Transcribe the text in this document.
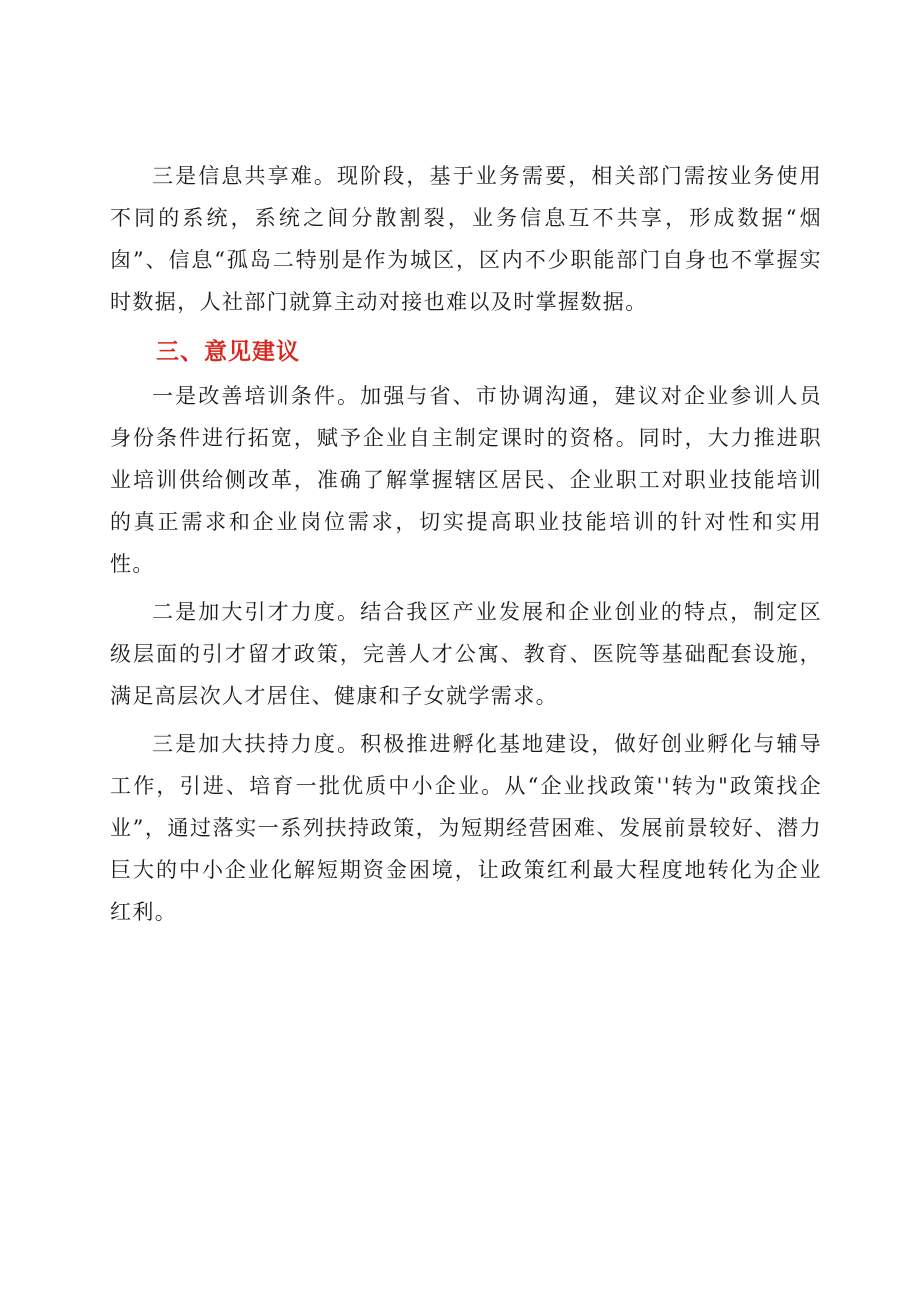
三是信息共享难。现阶段，基于业务需要，相关部门需按业务使用不同的系统，系统之间分散割裂，业务信息互不共享，形成数据“烟囱”、信息“孤岛二特别是作为城区，区内不少职能部门自身也不掌握实时数据，人社部门就算主动对接也难以及时掌握数据。

三、意见建议

一是改善培训条件。加强与省、市协调沟通，建议对企业参训人员身份条件进行拓宽，赋予企业自主制定课时的资格。同时，大力推进职业培训供给侧改革，准确了解掌握辖区居民、企业职工对职业技能培训的真正需求和企业岗位需求，切实提高职业技能培训的针对性和实用性。

二是加大引才力度。结合我区产业发展和企业创业的特点，制定区级层面的引才留才政策，完善人才公寓、教育、医院等基础配套设施，满足高层次人才居住、健康和子女就学需求。

三是加大扶持力度。积极推进孵化基地建设，做好创业孵化与辅导工作，引进、培育一批优质中小企业。从“企业找政策''转为"政策找企业”，通过落实一系列扶持政策，为短期经营困难、发展前景较好、潜力巨大的中小企业化解短期资金困境，让政策红利最大程度地转化为企业红利。
